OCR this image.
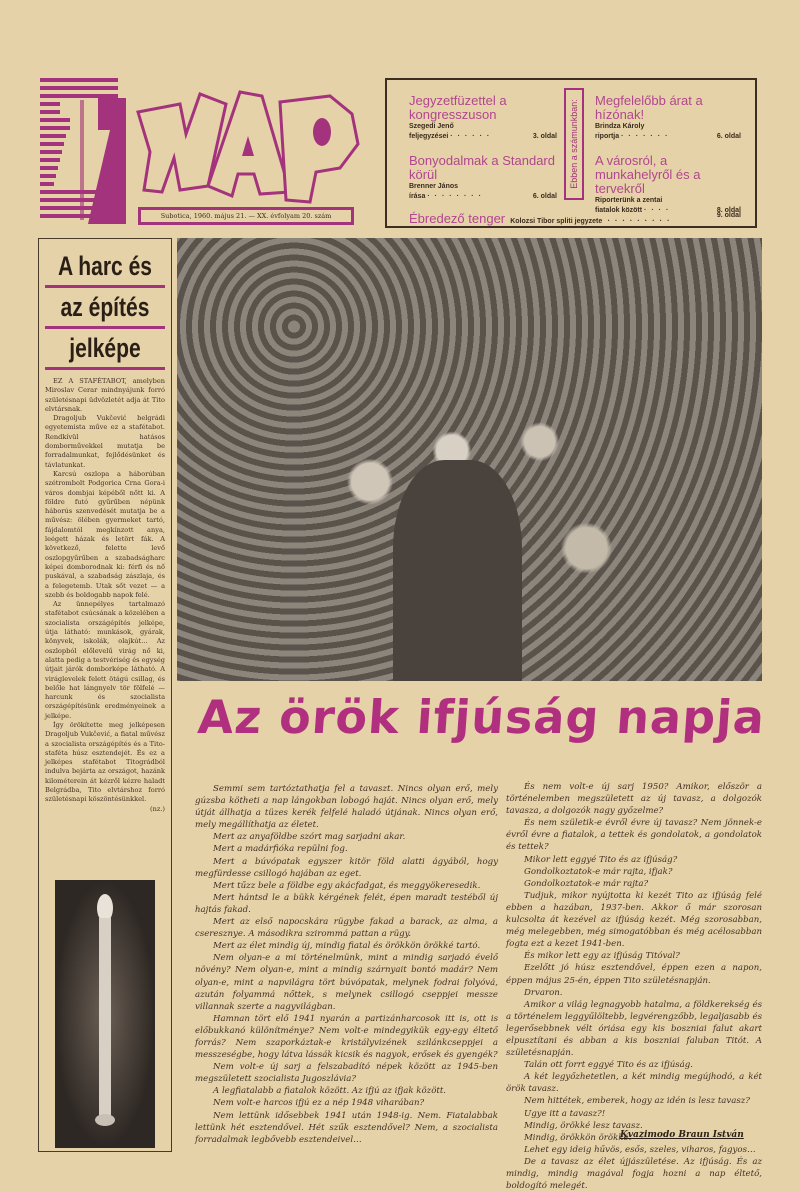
Subotica, 1960. május 21. — XX. évfolyam 20. szám
Jegyzetfüzettel a kongresszuson
Szegedi Jenő
feljegyzései ······	3. oldal
Bonyodalmak a Standard körül
Brenner János
írása ········	6. oldal
Ebben a számunkban: Megfelelőbb árat a hízónak!
Brindza Károly
riportja ·······	6. oldal
A városról, a munkahelyről és a tervekről
Riporterünk a zentai
fiatalok között ····	8. oldal
Ébredező tenger Kolozsi Tibor spliti jegyzete ·········
9. oldal
A harc és
az építés
jelképe

EZ A STAFÉTABOT, amelyben Miroslav Cerar mindnyájunk forró születésnapi üdvözletét adja át Tito elvtársnak.

Dragoljub Vukčević belgrádi egyetemista műve ez a stafétabot. Rendkívül hatásos domborművekkel mutatja be forradalmunkat, fejlődésünket és távlatunkat.

Karcsú oszlopa a háborúban szétrombolt Podgorica Crna Gora-i város dombjai képéből nőtt ki. A földre futó gyűrűben népünk háborús szenvedését mutatja be a művész: ölében gyermeket tartó, fájdalomtól megkínzott anya, leégett házak és letört fák. A következő, felette levő oszlopgyűrűben a szabadságharc képei domborodnak ki: férfi és nő puskával, a szabadság zászlaja, és a felegetemb. Utak sőt vezet — a szebb és boldogabb napok felé.

Az ünnepélyes tartalmazó stafétabot csúcsának a közelében a szocialista országépítés jelképe, útja látható: munkások, gyárak, könyvek, iskolák, olajkút… Az oszlopból előlevelű virág nő ki, alatta pedig a testvériség és egység útjait járók domborképe látható. A viráglevelek felett ötágú csillag, és belőle hat lángnyelv tör fölfelé — harcunk és szocialista országépítésünk eredményeinek a jelképe.

Így örökítette meg jelképesen Dragoljub Vukčević, a fiatal művész a szocialista országépítés és a Tito-staféta húsz esztendejét. És ez a jelképes stafétabot Titográdból indulva bejárta az országot, hazánk kilométerein át kézről kézre haladt Belgrádba, Tito elvtárshoz forró születésnapi köszöntésünkkel.

(nz.)

Az örök ifjúság napja

Semmi sem tartóztathatja fel a tavaszt. Nincs olyan erő, mely gúzsba kötheti a nap lángokban lobogó haját. Nincs olyan erő, mely útját állhatja a tüzes kerék felfelé haladó útjának. Nincs olyan erő, mely megállíthatja az életet.

Mert az anyaföldbe szórt mag sarjadni akar.

Mert a madárfióka repülni fog.

Mert a búvópatak egyszer kitör föld alatti ágyából, hogy megfürdesse csillogó hajában az eget.

Mert tűzz bele a földbe egy akácfadgat, és meggyökeresedik.

Mert hántsd le a bükk kérgének felét, épen maradt testéből új hajtás fakad.

Mert az első napocskára rügybe fakad a barack, az alma, a cseresznye. A másodikra szirommá pattan a rügy.

Mert az élet mindig új, mindig fiatal és örökkön örökké tartó.

Nem olyan-e a mi történelmünk, mint a mindig sarjadó évelő növény? Nem olyan-e, mint a mindig szárnyait bontó madár? Nem olyan-e, mint a napvilágra tört búvópatak, melynek fodrai folyóvá, azután folyammá nőttek, s melynek csillogó cseppjei messze villannak szerte a nagyvilágban.

Hamnan tört elő 1941 nyarán a partizánharcosok itt is, ott is előbukkanó különítménye? Nem volt-e mindegyikük egy-egy éltető forrás? Nem szaporkáztak-e kristályvizének szilánkcseppjei a messzeségbe, hogy látva lássák kicsik és nagyok, erősek és gyengék?

Nem volt-e új sarj a felszabadító népek között az 1945-ben megszületett szocialista Jugoszlávia?

A legfiatalabb a fiatalok között. Az ifjú az ifjak között.

Nem volt-e harcos ifjú ez a nép 1948 viharában?

Nem lettünk idősebbek 1941 után 1948-ig. Nem. Fiatalabbak lettünk hét esztendővel. Hét szűk esztendővel? Nem, a szocialista forradalmak legbővebb esztendeivel…

És nem volt-e új sarj 1950? Amikor, először a történelemben megszületett az új tavasz, a dolgozók tavasza, a dolgozók nagy győzelme?

És nem születik-e évről évre új tavasz? Nem jönnek-e évről évre a fiatalok, a tettek és gondolatok, a gondolatok és tettek?

Mikor lett eggyé Tito és az ifjúság?

Gondolkoztatok-e már rajta, ifjak?

Gondolkoztatok-e már rajta?

Tudjuk, mikor nyújtotta ki kezét Tito az ifjúság felé ebben a hazában, 1937-ben. Akkor ő már szorosan kulcsolta át kezével az ifjúság kezét. Még szorosabban, még melegebben, még simogatóbban és még acélosabban fogta ezt a kezet 1941-ben.

És mikor lett egy az ifjúság Titóval?

Ezelőtt jó húsz esztendővel, éppen ezen a napon, éppen május 25-én, éppen Tito születésnapján.

Drvaron.

Amikor a világ legnagyobb hatalma, a földkerekség és a történelem leggyűlöltebb, legvérengzőbb, legaljasabb és legerősebbnek vélt óriása egy kis boszniai falut akart elpusztítani és abban a kis boszniai faluban Titót. A születésnapján.

Talán ott forrt eggyé Tito és az ifjúság.

A két legyőzhetetlen, a két mindig megújhodó, a két örök tavasz.

Nem hittétek, emberek, hogy az idén is lesz tavasz?

Ugye itt a tavasz?!

Mindig, örökké lesz tavasz.

Mindig, örökkön örökké.

Lehet egy ideig hűvös, esős, szeles, viharos, fagyos…

De a tavasz az élet újjászületése. Az ifjúság. És az mindig, mindig magával fogja hozni a nap éltető, boldogító melegét.

Kvazimodo Braun István
